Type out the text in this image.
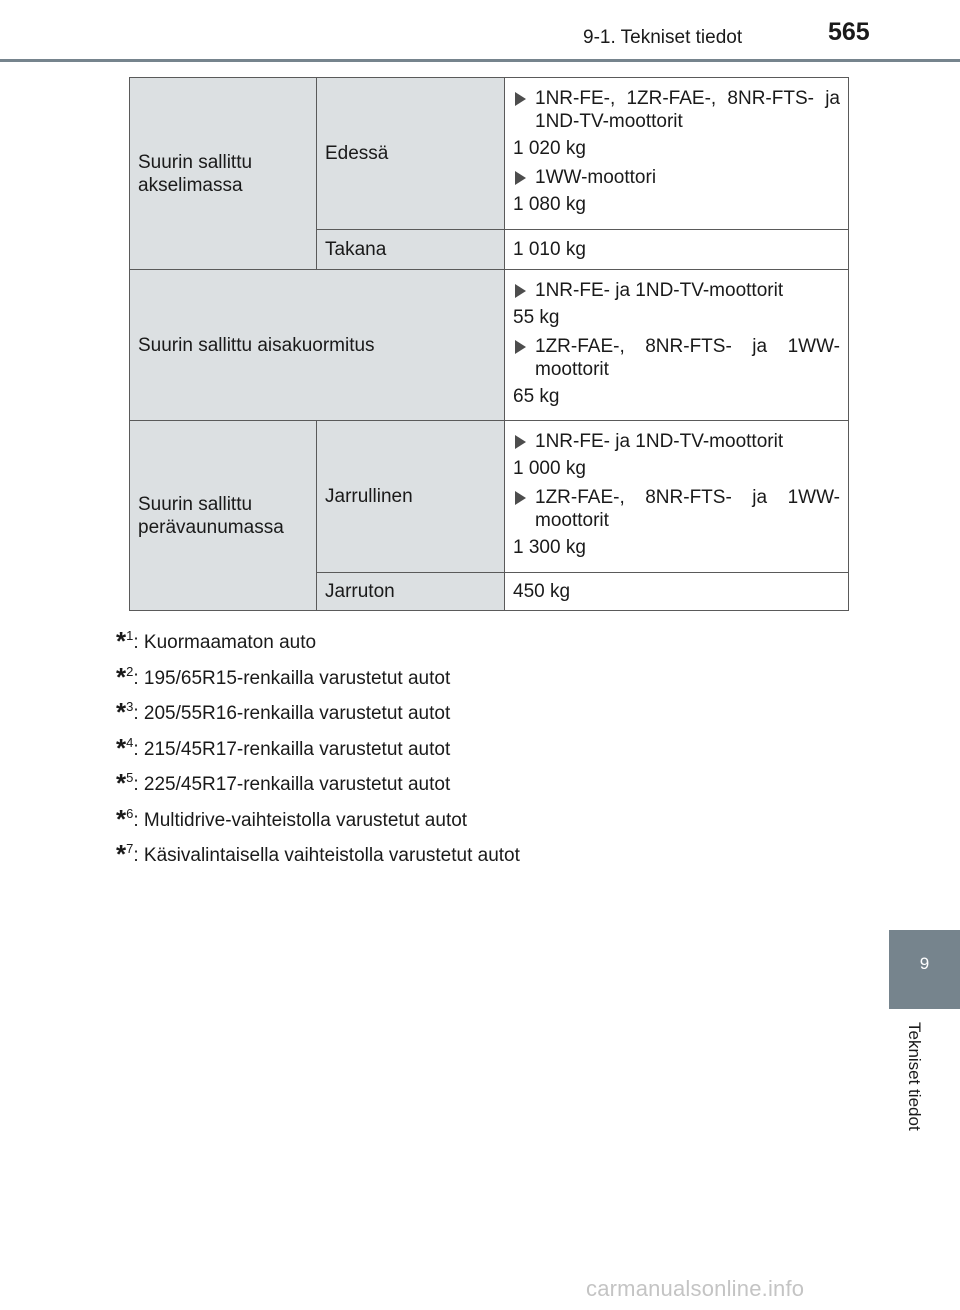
9-1. Tekniset tiedot	565
9
Tekniset tiedot
Suurin sallittu akselimassa	Edessä	1NR-FE-, 1ZR-FAE-, 8NR-FTS- ja 1ND-TV-moottorit
1 020 kg
1WW-moottori
1 080 kg

	Takana	1 010 kg
Suurin sallittu aisakuormitus		1NR-FE- ja 1ND-TV-moottorit
55 kg
1ZR-FAE-, 8NR-FTS- ja 1WW-moottorit
65 kg

Suurin sallittu perävaunumassa	Jarrullinen	1NR-FE- ja 1ND-TV-moottorit
1 000 kg
1ZR-FAE-, 8NR-FTS- ja 1WW-moottorit
1 300 kg

	Jarruton	450 kg
*$^1$: Kuormaamaton auto
*$^2$: 195/65R15-renkailla varustetut autot
*$^3$: 205/55R16-renkailla varustetut autot
*$^4$: 215/45R17-renkailla varustetut autot
*$^5$: 225/45R17-renkailla varustetut autot
*$^6$: Multidrive-vaihteistolla varustetut autot
*$^7$: Käsivalintaisella vaihteistolla varustetut autot
carmanualsonline.info
